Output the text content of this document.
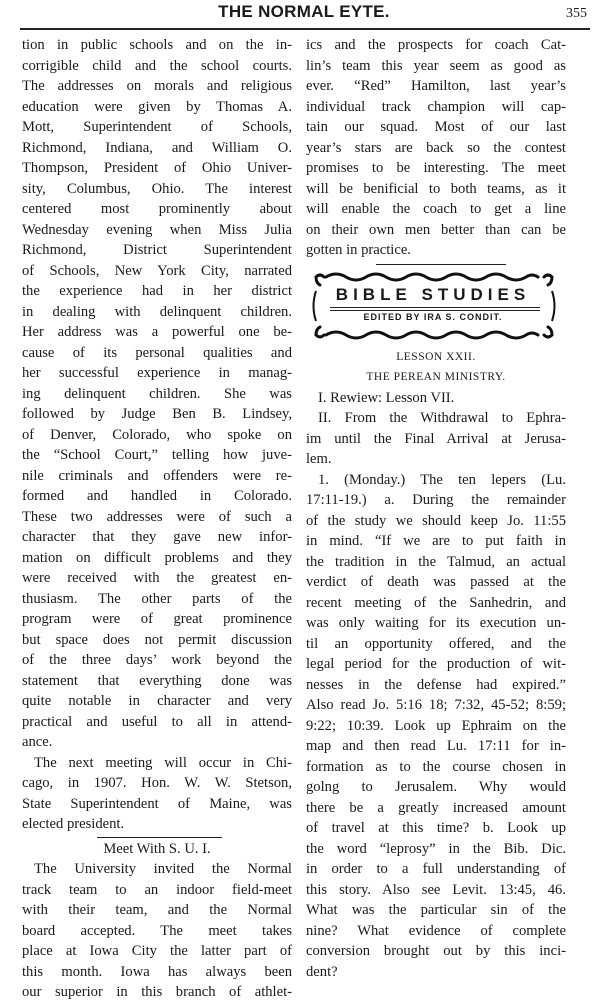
THE NORMAL EYTE.	355
tion in public schools and on the in-
corrigible child and the school courts.
The addresses on morals and religious
education were given by Thomas A.
Mott, Superintendent of Schools,
Richmond, Indiana, and William O.
Thompson, President of Ohio Univer-
sity, Columbus, Ohio. The interest
centered most prominently about
Wednesday evening when Miss Julia
Richmond, District Superintendent
of Schools, New York City, narrated
the experience had in her district
in dealing with delinquent children.
Her address was a powerful one be-
cause of its personal qualities and
her successful experience in manag-
ing delinquent children. She was
followed by Judge Ben B. Lindsey,
of Denver, Colorado, who spoke on
the “School Court,” telling how juve-
nile criminals and offenders were re-
formed and handled in Colorado.
These two addresses were of such a
character that they gave new infor-
mation on difficult problems and they
were received with the greatest en-
thusiasm. The other parts of the
program were of great prominence
but space does not permit discussion
of the three days’ work beyond the
statement that everything done was
quite notable in character and very
practical and useful to all in attend-
ance.
The next meeting will occur in Chi-
cago, in 1907. Hon. W. W. Stetson,
State Superintendent of Maine, was
elected president.
Meet With S. U. I.
The University invited the Normal
track team to an indoor field-meet
with their team, and the Normal
board accepted. The meet takes
place at Iowa City the latter part of
this month. Iowa has always been
our superior in this branch of athlet-
ics and the prospects for coach Cat-
lin’s team this year seem as good as
ever. “Red” Hamilton, last year’s
individual track champion will cap-
tain our squad. Most of our last
year’s stars are back so the contest
promises to be interesting. The meet
will be benificial to both teams, as it
will enable the coach to get a line
on their own men better than can be
gotten in practice.
BIBLE STUDIES
EDITED BY IRA S. CONDIT.
LESSON XXII.
THE PEREAN MINISTRY.
I. Rewiew: Lesson VII.
II. From the Withdrawal to Ephra-
im until the Final Arrival at Jerusa-
lem.
1. (Monday.) The ten lepers (Lu.
17:11-19.) a. During the remainder
of the study we should keep Jo. 11:55
in mind. “If we are to put faith in
the tradition in the Talmud, an actual
verdict of death was passed at the
recent meeting of the Sanhedrin, and
was only waiting for its execution un-
til an opportunity offered, and the
legal period for the production of wit-
nesses in the defense had expired.”
Also read Jo. 5:16 18; 7:32, 45-52; 8:59;
9:22; 10:39. Look up Ephraim on the
map and then read Lu. 17:11 for in-
formation as to the course chosen in
golng to Jerusalem. Why would
there be a greatly increased amount
of travel at this time? b. Look up
the word “leprosy” in the Bib. Dic.
in order to a full understanding of
this story. Also see Levit. 13:45, 46.
What was the particular sin of the
nine? What evidence of complete
conversion brought out by this inci-
dent?
